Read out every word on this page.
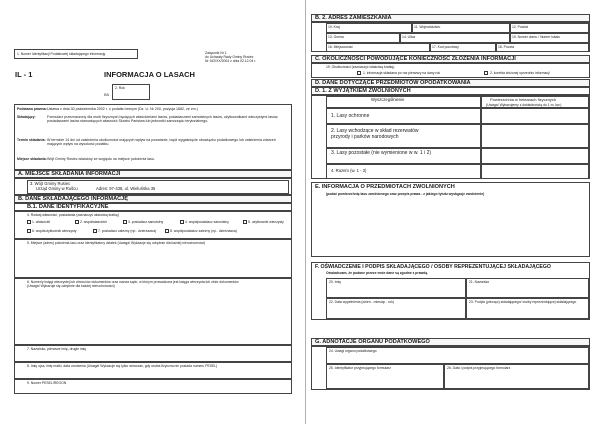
1. Numer Identyfikacji Podatkowej składającego informację	Załącznik Nr 1
do Uchwały Rady Gminy Rusiec
Nr 162/XX/2004 z dnia 02.12.04 r.
IL - 1	INFORMACJA O LASACH
na
2. Rok
Podstawa prawna: Ustawa z dnia 30 października 2002 r. o podatku leśnym (Dz. U. Nr 200, pozycja 1682, ze zm.)
Składający:	Formularz przeznaczony dla osób fizycznych będących właścicielami lasów, posiadaczami samoistnych lasów, użytkownikami wieczystymi lasów, posiadaczami lasów stanowiących własność Skarbu Państwa lub jednostki samorządu terytorialnego.
Termin składania: W terminie 14 dni od zaistnienia okoliczności mających wpływ na powstanie, bądź wygaśnięcie obowiązku podatkowego lub zaistnienia zdarzeń mających wpływ na wysokość podatku.
Miejsce składania: Wójt Gminy Rusiec właściwy ze względu na miejsce położenia lasu.
A. MIEJSCE SKŁADANIA INFORMACJI
3. Wójt Gminy Rusiec
Urząd Gminy w Rušcu	Adres: 97-438, ul. Wieluńska 35
B. DANE SKŁADAJĄCEGO INFORMACJĘ
B.1. DANE IDENTYFIKACYJNE
4. Rodzaj własności, posiadania (zaznaczyć właściwą kratkę)
1. właściciel	2. współwłaściciel	3. posiadacz samoistny	4. współposiadacz samoistny	5. użytkownik wieczysty
6. współużytkownik wieczysty	7. posiadacz zależny (np.. dzierżawca)	8. współposiadacz zależny (np.. dzierżawca)
5. Miejsce (adres) położenia lasu oraz identyfikatory działek (Uwaga! Wykazuje się odrębnie dla każdej nieruchomości)
6. Numer/y księgi wieczystej lub zbioru/ów dokumentów oraz nazwa sądu, w którym prowadzona jest księga wieczysta lub zbiór dokumentów
(Uwaga! Wykazuje się odrębnie dla każdej nieruchomości)
7. Nazwisko, pierwsze imię, drugie imię
8. Imię ojca, imię matki, data urodzenia (Uwaga! Wykazuje się tylko wówczas, gdy osoba fizyczna nie posiada numeru PESEL)
9. Numer PESEL/REGON
B. 2. ADRES ZAMIESZKANIA
10. Kraj	11. Województwo	12. Powiat
13. Gmina	14. Ulica	15. Numer domu / Numer lokalu
16. Miejscowość	17. Kod pocztowy	18. Poczta
C. OKOLICZNOŚCI POWODUJĄCE KONIECZNOŚĆ ZŁOŻENIA INFORMACJI
19. Okoliczności (zaznaczyć właściwą kratkę)
1. informacja składana po raz pierwszy na dany rok	2. korekta złożonej uprzednio informacji
D. DANE DOTYCZĄCE PRZEDMIOTÓW OPODATKOWANIA
D. 1. Z WYJĄTKIEM ZWOLNIONYCH
Wyszczególnienie	Powierzchnia w hektarach fizycznych
(Uwaga! Wykazujemy z dokładnością do 1 m. kw.)
1. Lasy ochronne
2. Lasy wchodzące w skład rezerwatów przyrody i parków narodowych
3. Lasy pozostałe (nie wymienione w w. 1 i 2)
4. Razem (w. 1 - 3)
E. INFORMACJA O PRZEDMIOTACH ZWOLNIONYCH
(podać powierzchnię lasu zwolnionego oraz przepis prawa - z jakiego tytułu występuje zwolnienie)
F. OŚWIADCZENIE I PODPIS SKŁADAJĄCEGO / OSOBY REPREZENTUJĄCEJ SKŁADAJĄCEGO
Oświadczam, że podane przeze mnie dane są zgodne z prawdą.
20. Imię	21. Nazwisko
22. Data wypełnienia (dzień - miesiąc - rok)	23. Podpis (pieczęć) składającego/ osoby reprezentującej składającego
G. ADNOTACJE ORGANU PODATKOWEGO
24. Uwagi organu podatkowego
25. Identyfikator przyjmującego formularz	26. Data i podpis przyjmującego formularz
